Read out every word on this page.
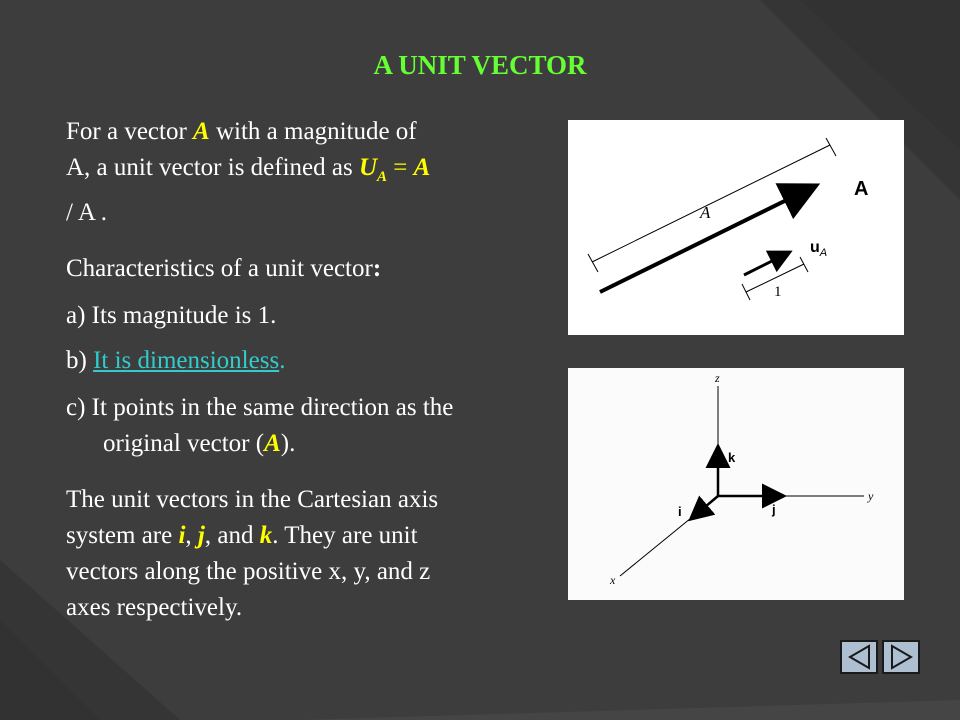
A UNIT VECTOR
For a vector A with a magnitude of
A, a unit vector is defined as $U_A = A$
/ A .
Characteristics of a unit vector:
a) Its magnitude is 1.
b) It is dimensionless.
c) It points in the same direction as the
original vector (A).
The unit vectors in the Cartesian axis
system are i, j, and k. They are unit
vectors along the positive x, y, and z
axes respectively.
A
A
1
$u_A$
z
y
x
k
j
i
